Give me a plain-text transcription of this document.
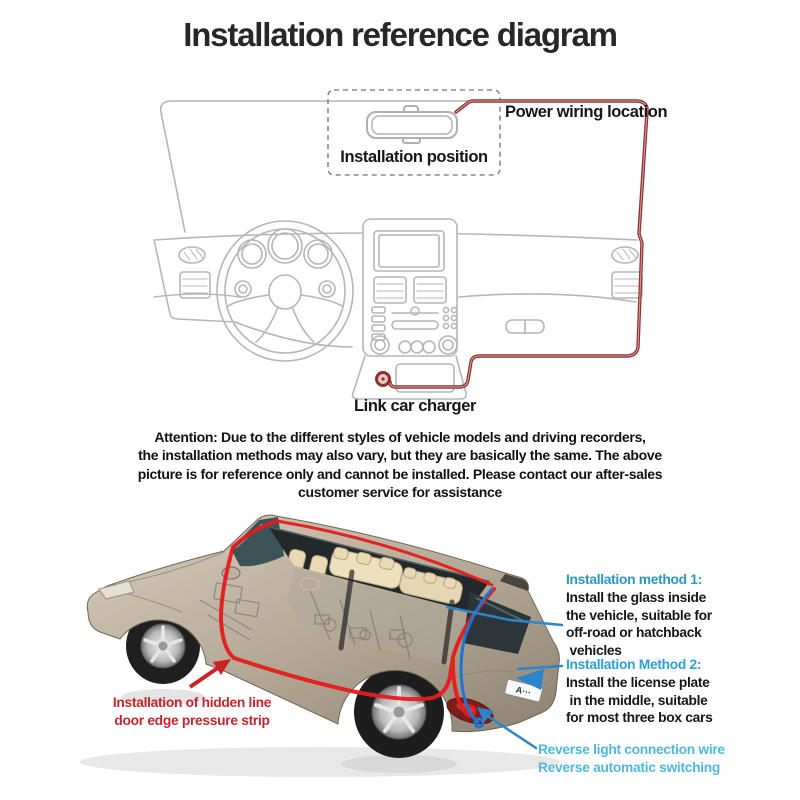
Installation reference diagram
Installation position
Power wiring location
Link car charger
Attention: Due to the different styles of vehicle models and driving recorders,
the installation methods may also vary, but they are basically the same. The above
picture is for reference only and cannot be installed. Please contact our after-sales
customer service for assistance
A···
Installation method 1:
Install the glass inside
the vehicle, suitable for
off-road or hatchback
vehicles
Installation Method 2:
Install the license plate
in the middle, suitable
for most three box cars
Reverse light connection wire
Reverse automatic switching
Installation of hidden line
door edge pressure strip
